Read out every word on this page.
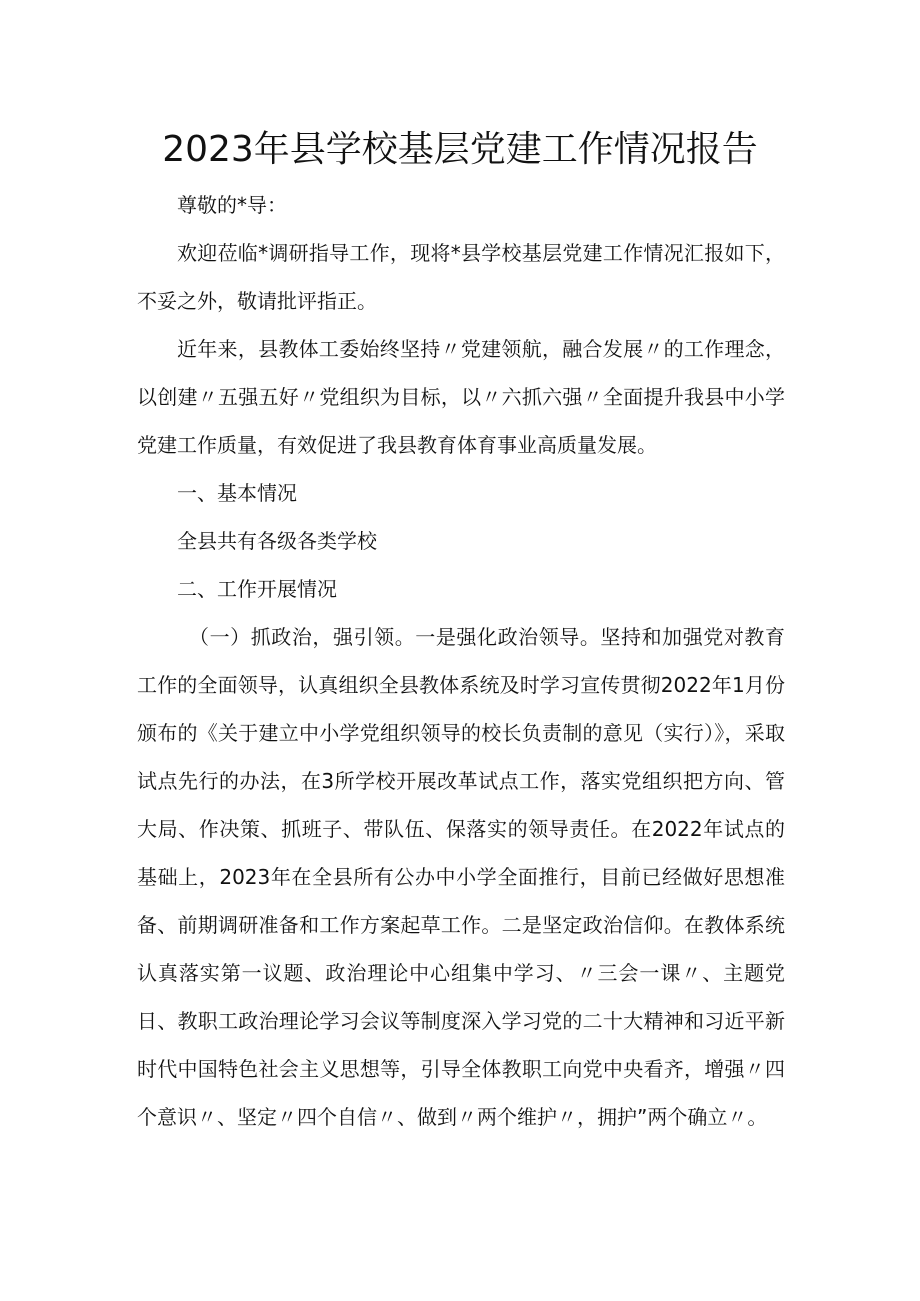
2023年县学校基层党建工作情况报告

尊敬的*导：

欢迎莅临*调研指导工作，现将*县学校基层党建工作情况汇报如下，不妥之外，敬请批评指正。

近年来，县教体工委始终坚持〃党建领航，融合发展〃的工作理念，以创建〃五强五好〃党组织为目标，以〃六抓六强〃全面提升我县中小学党建工作质量，有效促进了我县教育体育事业高质量发展。

一、基本情况

全县共有各级各类学校

二、工作开展情况

（一）抓政治，强引领。一是强化政治领导。坚持和加强党对教育工作的全面领导，认真组织全县教体系统及时学习宣传贯彻2022年1月份颁布的《关于建立中小学党组织领导的校长负责制的意见（实行）》，采取试点先行的办法，在3所学校开展改革试点工作，落实党组织把方向、管大局、作决策、抓班子、带队伍、保落实的领导责任。在2022年试点的基础上，2023年在全县所有公办中小学全面推行，目前已经做好思想准备、前期调研准备和工作方案起草工作。二是坚定政治信仰。在教体系统认真落实第一议题、政治理论中心组集中学习、〃三会一课〃、主题党日、教职工政治理论学习会议等制度深入学习党的二十大精神和习近平新时代中国特色社会主义思想等，引导全体教职工向党中央看齐，增强〃四个意识〃、坚定〃四个自信〃、做到〃两个维护〃，拥护”两个确立〃。
